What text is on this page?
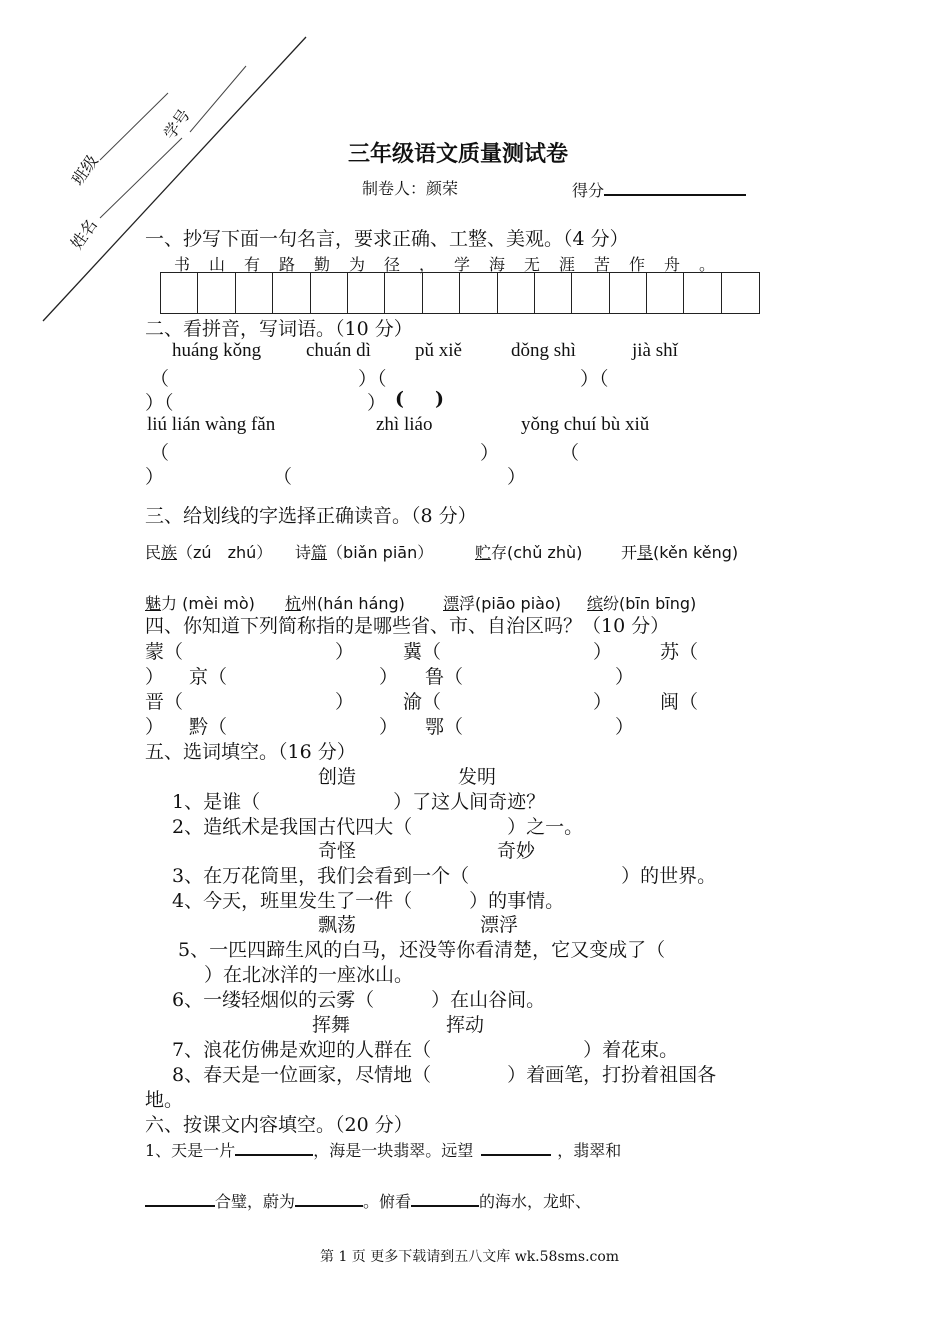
班级
学号
姓名
三年级语文质量测试卷
制卷人：颜荣	得分
一、抄写下面一句名言，要求正确、工整、美观。（4 分）
书 山 有 路 勤 为 径 ， 学 海 无 涯 苦 作 舟 。
二、看拼音，写词语。（10 分）
huáng kǒng chuán dì pǔ xiě	dǒng shì	jià shǐ
（	）（	）（
）（	） ( )
liú lián wàng fǎn	zhì liáo	yǒng chuí bù xiǔ
（	）	（
）	（	）
三、给划线的字选择正确读音。（8 分）
民族（zú　zhú） 诗篇（biǎn piān）	贮存(chǔ zhù) 开垦(kěn kěng)
魅力 (mèi mò) 杭州(hán háng) 漂浮(piāo piào) 缤纷(bīn bīng)
四、你知道下列简称指的是哪些省、市、自治区吗？（10 分）
蒙（	）	冀（	）	苏（
） 京（	） 鲁（	）
晋（	）	渝（	）	闽（
） 黔（	） 鄂（	）
五、选词填空。（16 分）
创造	发明
1、是谁（　　　　　　　）了这人间奇迹？
2、造纸术是我国古代四大（　　　　　）之一。
奇怪	奇妙
3、在万花筒里，我们会看到一个（　　　　　　　　）的世界。
4、今天，班里发生了一件（　　　）的事情。
飘荡	漂浮
5、一匹四蹄生风的白马，还没等你看清楚，它又变成了（
）在北冰洋的一座冰山。
6、一缕轻烟似的云雾（　　　）在山谷间。
挥舞	挥动
7、浪花仿佛是欢迎的人群在（　　　　　　　　）着花束。
8、春天是一位画家，尽情地（　　　　）着画笔，打扮着祖国各
地。
六、按课文内容填空。（20 分）
1、天是一片	，海是一块翡翠。远望	，翡翠和
合璧，蔚为	。俯看	的海水，龙虾、
第 1 页 更多下载请到五八文库 wk.58sms.com
